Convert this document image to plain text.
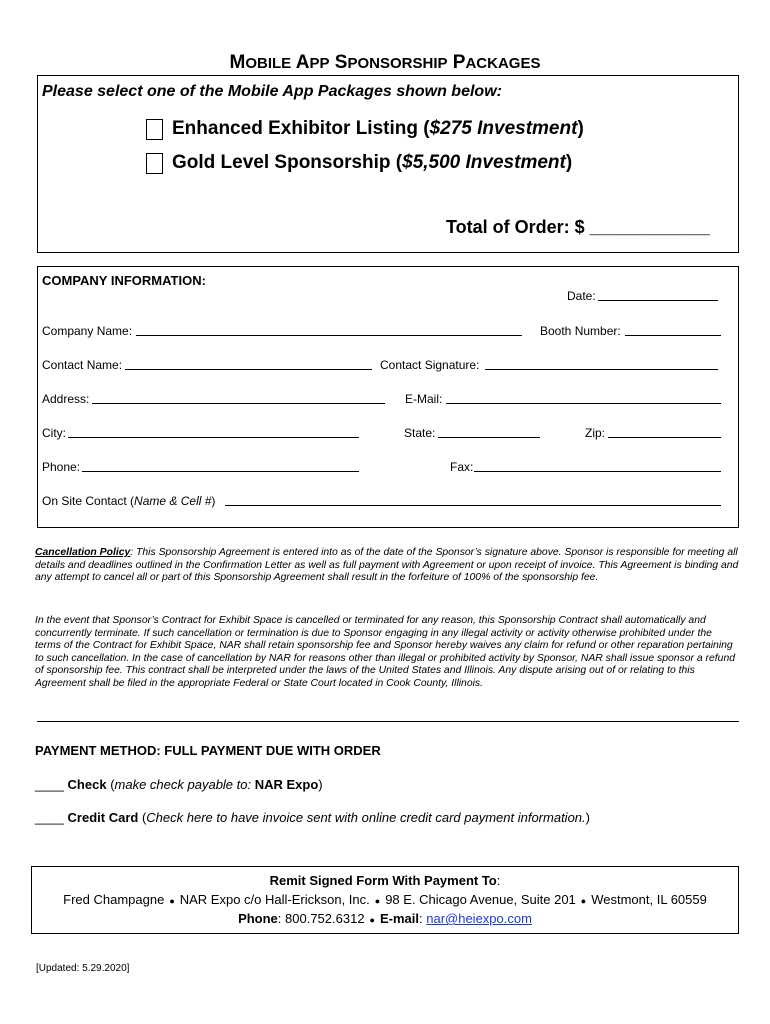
MOBILE APP SPONSORSHIP PACKAGES
Please select one of the Mobile App Packages shown below:
Enhanced Exhibitor Listing ($275 Investment)
Gold Level Sponsorship ($5,500 Investment)
Total of Order: $ ____________
COMPANY INFORMATION:
Date:
Company Name:	Booth Number:
Contact Name:	Contact Signature:
Address:	E-Mail:
City:	State:	Zip:
Phone:	Fax:
On Site Contact (Name & Cell #)
Cancellation Policy: This Sponsorship Agreement is entered into as of the date of the Sponsor’s signature above. Sponsor is responsible for meeting all details and deadlines outlined in the Confirmation Letter as well as full payment with Agreement or upon receipt of invoice. This Agreement is binding and any attempt to cancel all or part of this Sponsorship Agreement shall result in the forfeiture of 100% of the sponsorship fee.
In the event that Sponsor’s Contract for Exhibit Space is cancelled or terminated for any reason, this Sponsorship Contract shall automatically and concurrently terminate. If such cancellation or termination is due to Sponsor engaging in any illegal activity or activity otherwise prohibited under the terms of the Contract for Exhibit Space, NAR shall retain sponsorship fee and Sponsor hereby waives any claim for refund or other reparation pertaining to such cancellation. In the case of cancellation by NAR for reasons other than illegal or prohibited activity by Sponsor, NAR shall issue sponsor a refund of sponsorship fee. This contract shall be interpreted under the laws of the United States and Illinois. Any dispute arising out of or relating to this Agreement shall be filed in the appropriate Federal or State Court located in Cook County, Illinois.
PAYMENT METHOD: FULL PAYMENT DUE WITH ORDER
____ Check (make check payable to: NAR Expo)
____ Credit Card (Check here to have invoice sent with online credit card payment information.)
Remit Signed Form With Payment To:
Fred Champagne ● NAR Expo c/o Hall-Erickson, Inc. ● 98 E. Chicago Avenue, Suite 201 ● Westmont, IL 60559
Phone: 800.752.6312 ● E-mail: nar@heiexpo.com
[Updated: 5.29.2020]
